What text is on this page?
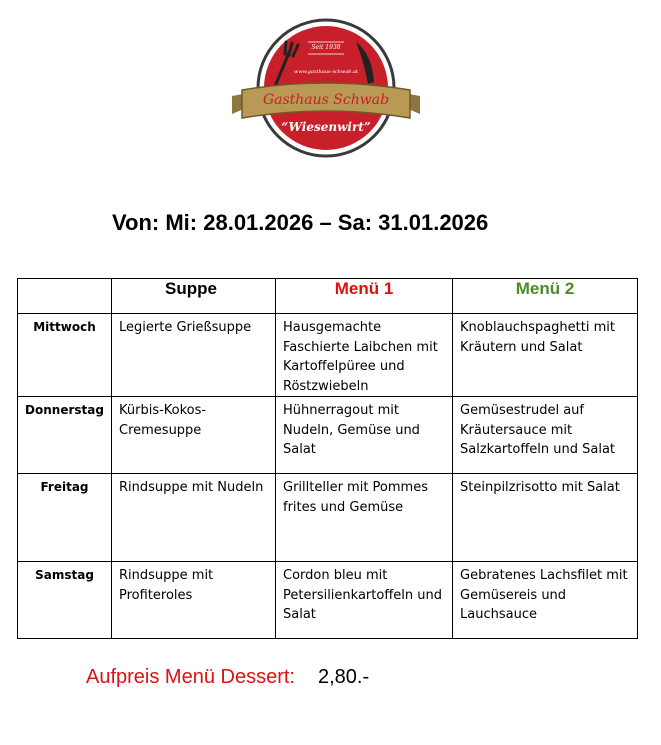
Seit 1938
www.gasthaus-schwab.at
Gasthaus Schwab
“Wiesenwirt”
Von: Mi: 28.01.2026 – Sa: 31.01.2026
	Suppe	Menü 1	Menü 2
Mittwoch	Legierte Grießsuppe	Hausgemachte Faschierte Laibchen mit Kartoffelpüree und Röstzwiebeln	Knoblauchspaghetti mit Kräutern und Salat
Donnerstag	Kürbis-Kokos-Cremesuppe	Hühnerragout mit Nudeln, Gemüse und Salat	Gemüsestrudel auf Kräutersauce mit Salzkartoffeln und Salat
Freitag	Rindsuppe mit Nudeln	Grillteller mit Pommes frites und Gemüse	Steinpilzrisotto mit Salat
Samstag	Rindsuppe mit Profiteroles	Cordon bleu mit Petersilienkartoffeln und Salat	Gebratenes Lachsfilet mit Gemüsereis und Lauchsauce
Aufpreis Menü Dessert: 2,80.-
